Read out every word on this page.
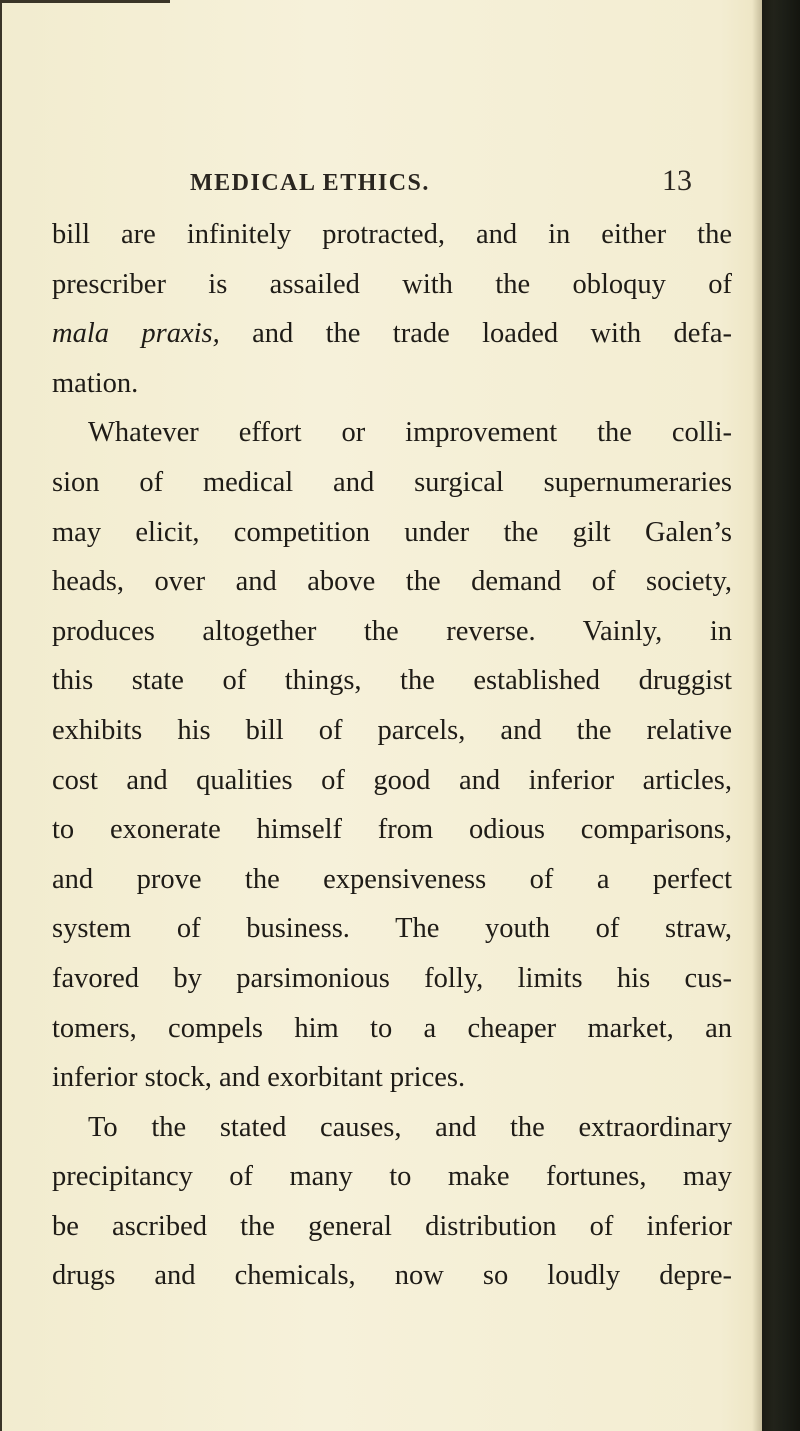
MEDICAL ETHICS.	13
bill are infinitely protracted, and in either the
prescriber is assailed with the obloquy of
mala praxis, and the trade loaded with defa-
mation.
Whatever effort or improvement the colli-
sion of medical and surgical supernumeraries
may elicit, competition under the gilt Galen’s
heads, over and above the demand of society,
produces altogether the reverse. Vainly, in
this state of things, the established druggist
exhibits his bill of parcels, and the relative
cost and qualities of good and inferior articles,
to exonerate himself from odious comparisons,
and prove the expensiveness of a perfect
system of business. The youth of straw,
favored by parsimonious folly, limits his cus-
tomers, compels him to a cheaper market, an
inferior stock, and exorbitant prices.
To the stated causes, and the extraordinary
precipitancy of many to make fortunes, may
be ascribed the general distribution of inferior
drugs and chemicals, now so loudly depre-
